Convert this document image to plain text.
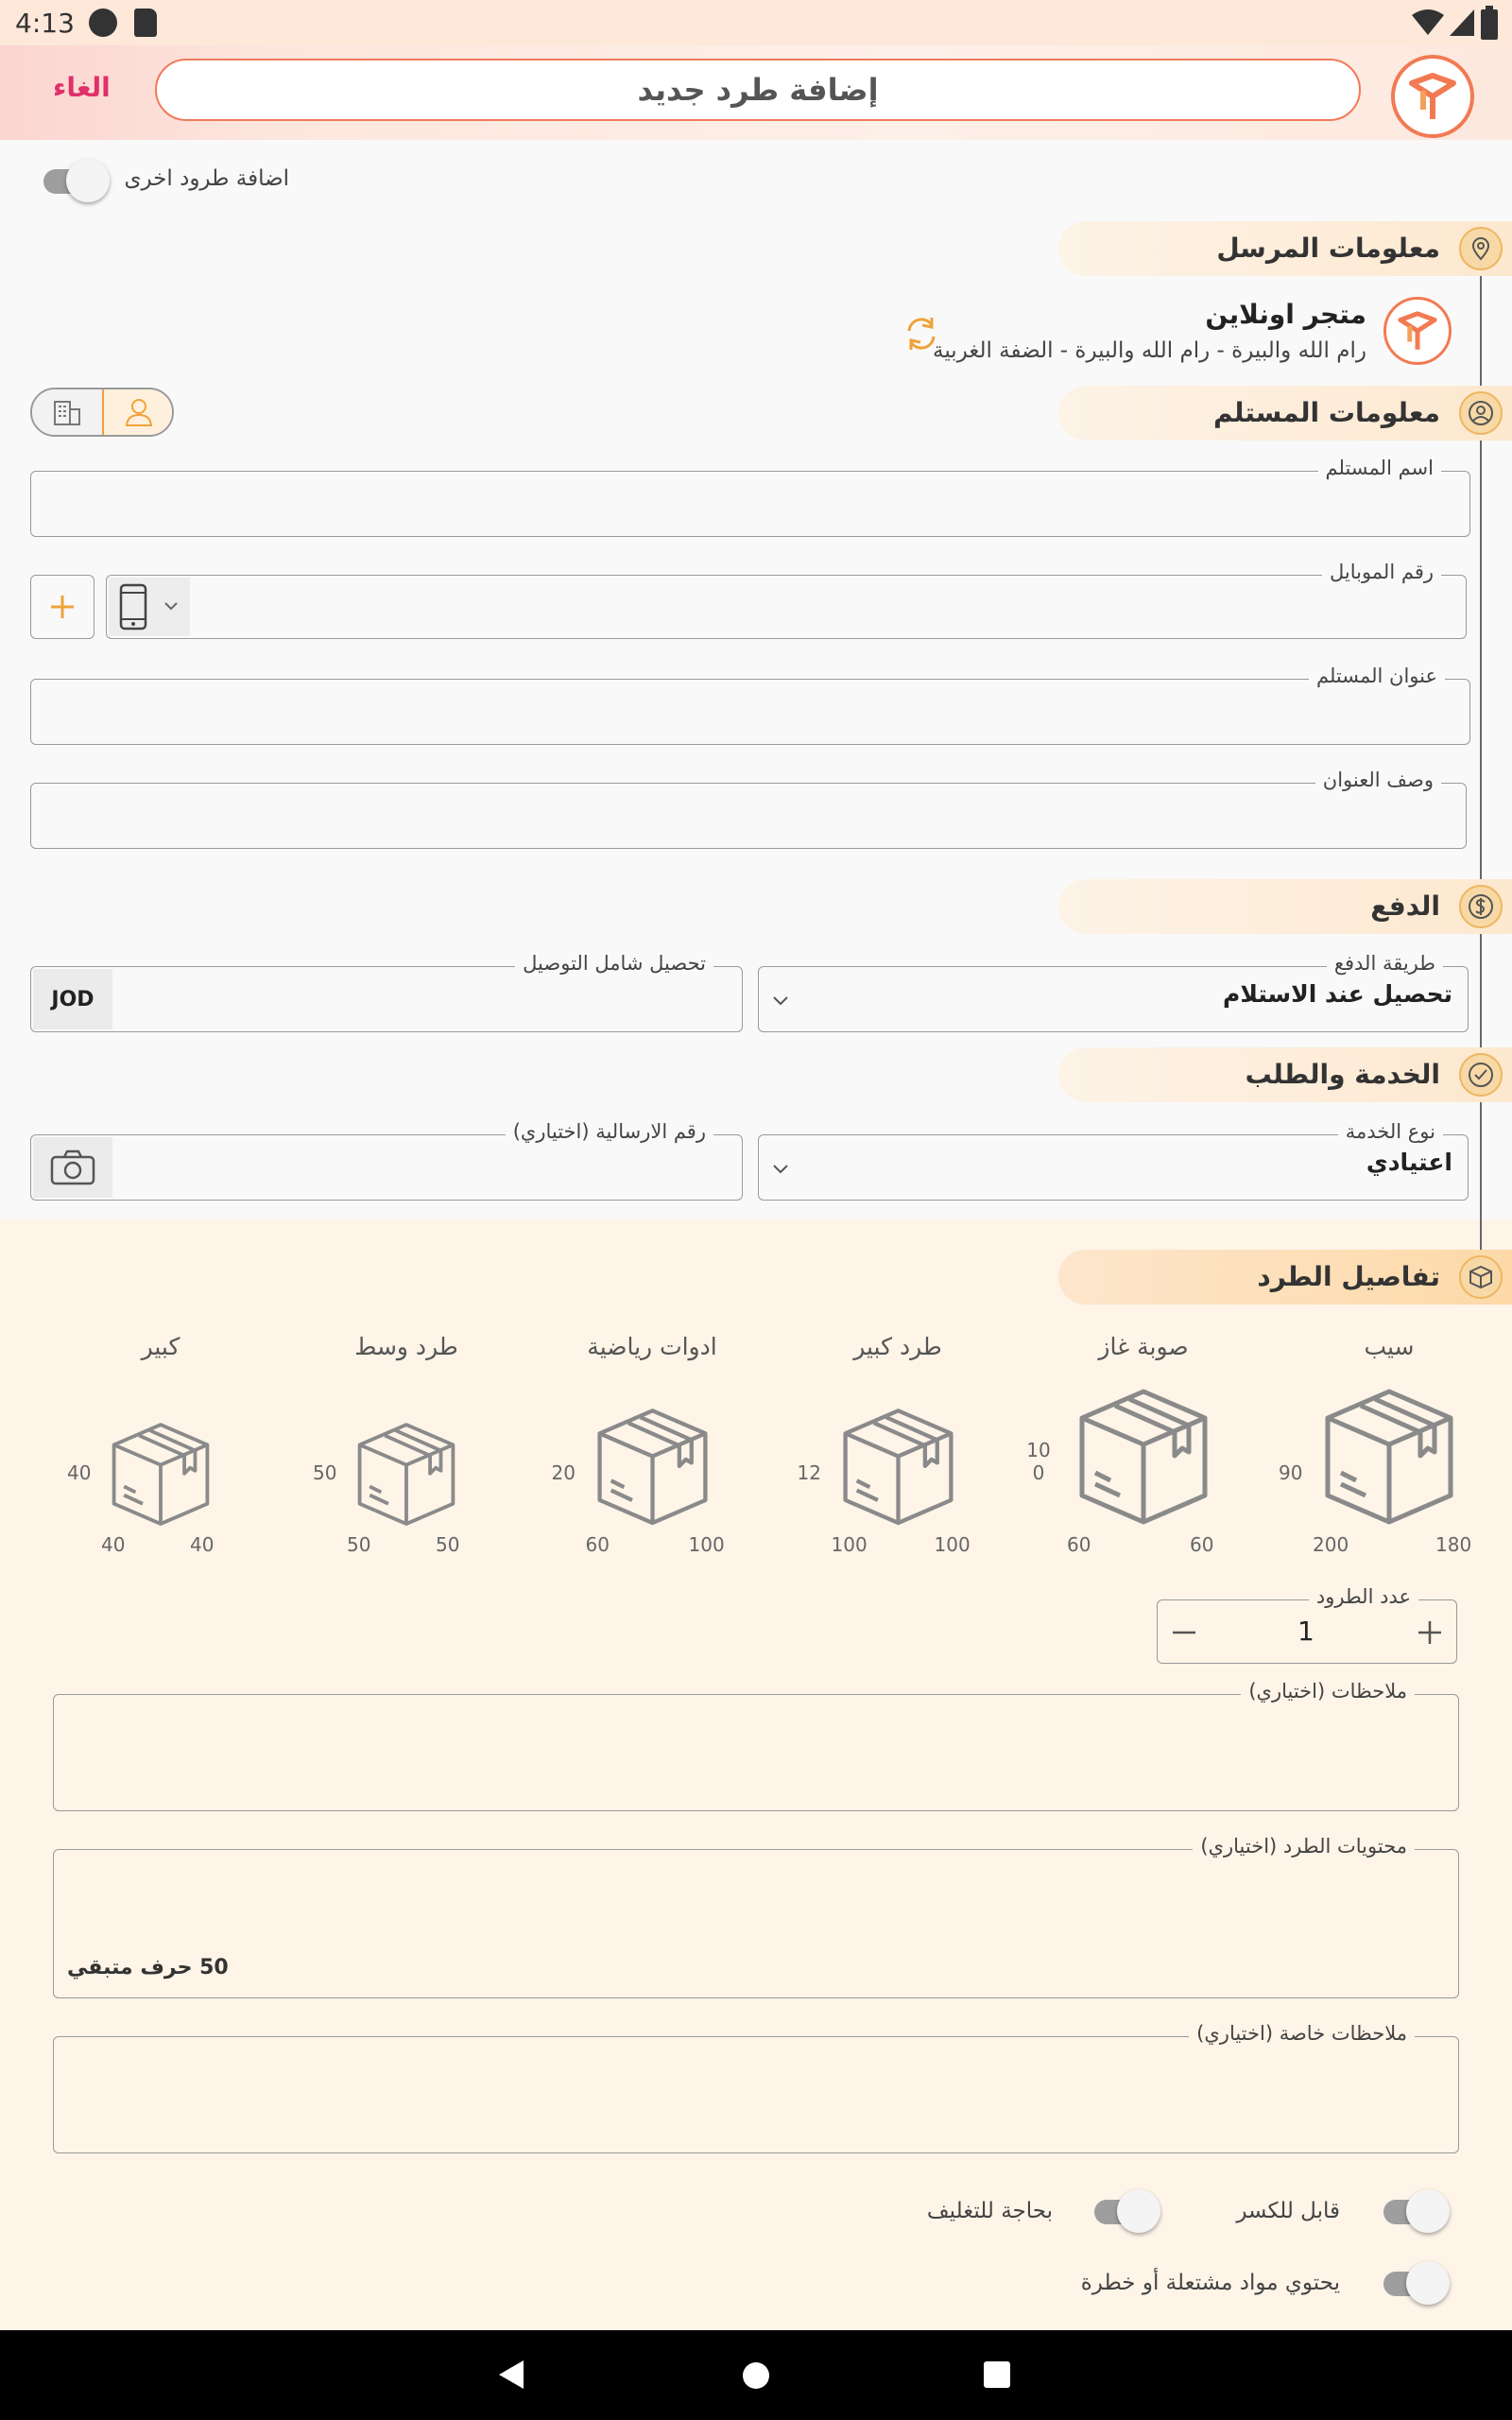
4:13
الغاء	إضافة طرد جديد
اضافة طرود اخرى
معلومات المرسل
متجر اونلاين
رام الله والبيرة - رام الله والبيرة - الضفة الغربية
معلومات المستلم
اسم المستلم
رقم الموبايل
عنوان المستلم
وصف العنوان
الدفع
طريقة الدفع
تحصيل عند الاستلام
تحصيل شامل التوصيل
JOD
الخدمة والطلب
نوع الخدمة
اعتيادي
رقم الارسالية (اختياري)
تفاصيل الطرد
سيب
90
200	180
صوبة غاز
100
60	60
طرد كبير
12
100	100
ادوات رياضية
20
60	100
طرد وسط
50
50	50
كبير
40
40	40
عدد الطرود
1
ملاحظات (اختياري)
محتويات الطرد (اختياري)
50 حرف متبقي
ملاحظات خاصة (اختياري)
قابل للكسر
بحاجة للتغليف
يحتوي مواد مشتعلة أو خطرة
